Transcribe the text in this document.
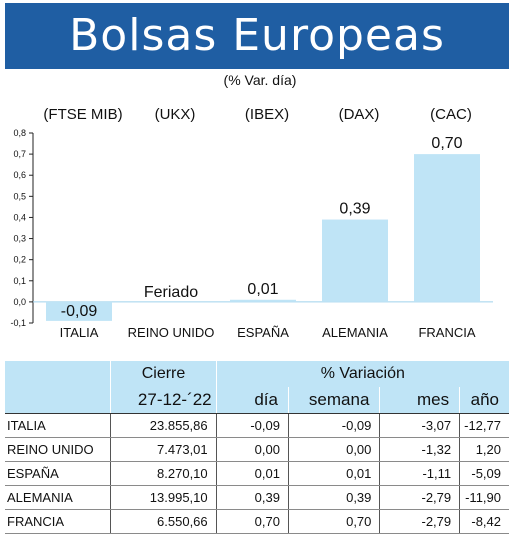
Bolsas Europeas
(% Var. día)
(FTSE MIB)	(UKX)	(IBEX)	(DAX)	(CAC)
-0,1
0,0
0,1
0,2
0,3
0,4
0,5
0,6
0,7
0,8
-0,09
ITALIA
Feriado
REINO UNIDO
0,01
ESPAÑA
0,39
ALEMANIA
0,70
FRANCIA
	Cierre	% Variación			
	27-12-´22	día	semana	mes	año
ITALIA	23.855,86	-0,09	-0,09	-3,07	-12,77
REINO UNIDO	7.473,01	0,00	0,00	-1,32	1,20
ESPAÑA	8.270,10	0,01	0,01	-1,11	-5,09
ALEMANIA	13.995,10	0,39	0,39	-2,79	-11,90
FRANCIA	6.550,66	0,70	0,70	-2,79	-8,42
